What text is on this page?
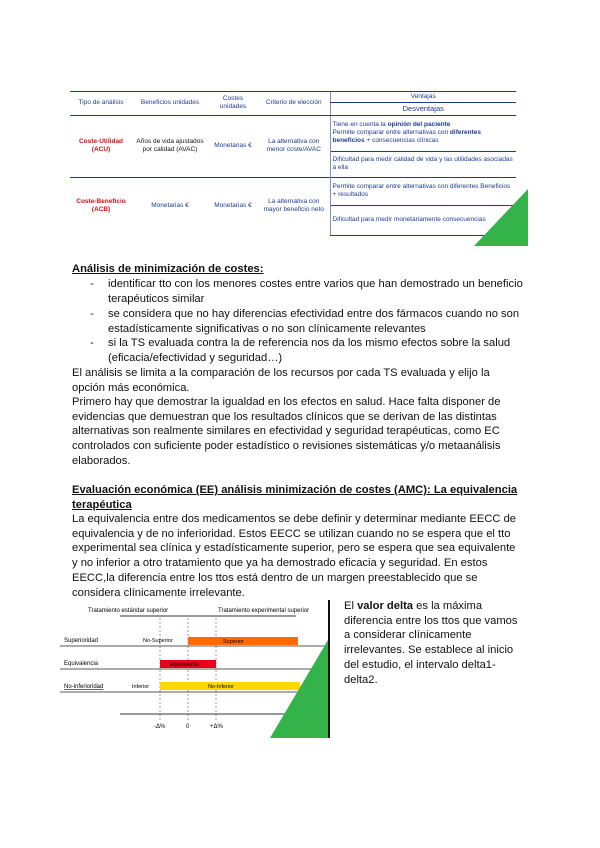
Tipo de análisis	Beneficios unidades	Costes unidades	Criterio de elección	Ventajas
				Desventajas
Coste-Utilidad (ACU)	Años de vida ajustados por calidad (AVAC)	Monetarias €	La alternativa con menor coste/AVAC	Tiene en cuenta la opinión del paciente
Permite comparar entre alternativas con diferentes beneficios + consecuencias clínicas
				Dificultad para medir calidad de vida y las utilidades asociadas a ella
Coste-Beneficio (ACB)	Monetarias €	Monetarias €	La alternativa con mayor beneficio neto	Permite comparar entre alternativas con diferentes Beneficios + resultados
				Dificultad para medir monetariamente consecuencias
Análisis de minimización de costes:
- identificar tto con los menores costes entre varios que han demostrado un beneficio terapéuticos similar
- se considera que no hay diferencias efectividad entre dos fármacos cuando no son estadísticamente significativas o no son clínicamente relevantes
- si la TS evaluada contra la de referencia nos da los mismo efectos sobre la salud (eficacia/efectividad y seguridad…)
El análisis se limita a la comparación de los recursos por cada TS evaluada y elijo la opción más económica.
Primero hay que demostrar la igualdad en los efectos en salud. Hace falta disponer de evidencias que demuestran que los resultados clínicos que se derivan de las distintas alternativas son realmente similares en efectividad y seguridad terapéuticas, como EC controlados con suficiente poder estadístico o revisiones sistemáticas y/o metaanálisis elaborados.
Evaluación económica (EE) análisis minimización de costes (AMC): La equivalencia terapéutica
La equivalencia entre dos medicamentos se debe definir y determinar mediante EECC de equivalencia y de no inferioridad. Estos EECC se utilizan cuando no se espera que el tto experimental sea clínica y estadísticamente superior, pero se espera que sea equivalente y no inferior a otro tratamiento que ya ha demostrado eficacia y seguridad. En estos EECC,la diferencia entre los ttos está dentro de un margen preestablecido que se considera clínicamente irrelevante.
Tratamiento estándar superior	Tratamiento experimental superior
Superioridad	No-Superior	Superior
Equivalencia	Equivalente
No-inferioridad	Inferior	No-Inferior
-Δ%	0	+Δ%
El valor delta es la máxima diferencia entre los ttos que vamos a considerar clínicamente irrelevantes. Se establece al inicio del estudio, el intervalo delta1-delta2.
